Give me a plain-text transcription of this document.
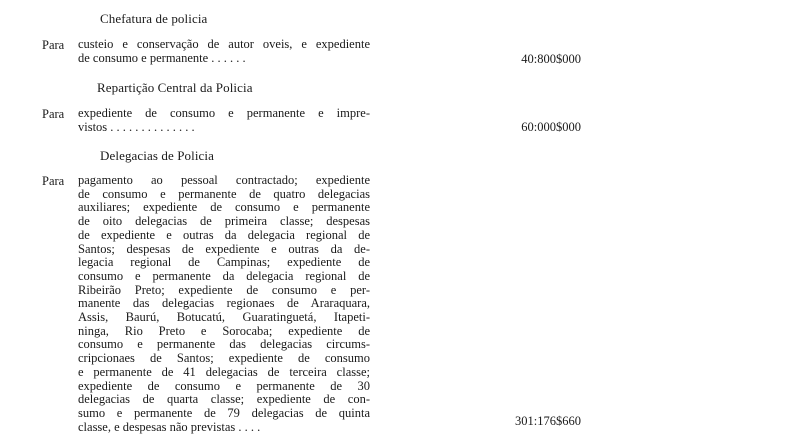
Chefatura de policia
Para custeio e conservação de autor oveis, e expediente
de consumo e permanente . . . . . .	40:800$000
Repartição Central da Policia
Para expediente de consumo e permanente e impre-
vistos . . . . . . . . . . . . . .	60:000$000
Delegacias de Policia
Para pagamento ao pessoal contractado; expediente
de consumo e permanente de quatro delegacias
auxiliares; expediente de consumo e permanente
de oito delegacias de primeira classe; despesas
de expediente e outras da delegacia regional de
Santos; despesas de expediente e outras da de-
legacia regional de Campinas; expediente de
consumo e permanente da delegacia regional de
Ribeirão Preto; expediente de consumo e per-
manente das delegacias regionaes de Araraquara,
Assis, Baurú, Botucatú, Guaratinguetá, Itapeti-
ninga, Rio Preto e Sorocaba; expediente de
consumo e permanente das delegacias circums-
cripcionaes de Santos; expediente de consumo
e permanente de 41 delegacias de terceira classe;
expediente de consumo e permanente de 30
delegacias de quarta classe; expediente de con-
sumo e permanente de 79 delegacias de quinta
classe, e despesas não previstas . . . .	301:176$660
